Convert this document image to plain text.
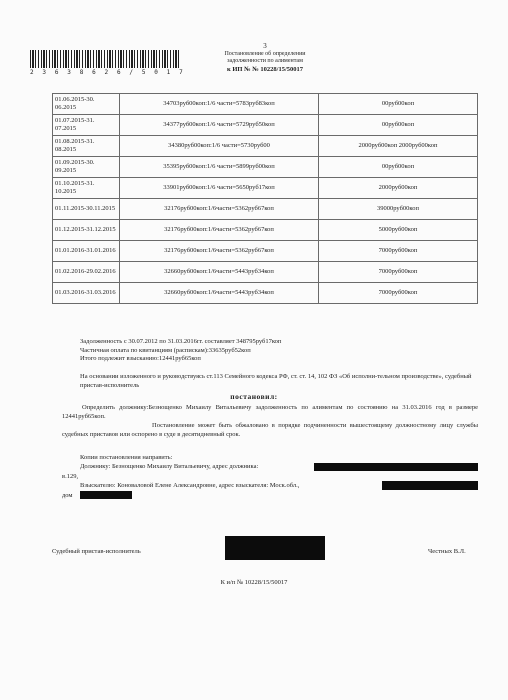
2 3 6 3 8 6 2 6 / 5 0 1 7
3
Постановление об определении
задолженности по алиментам
к ИП № № 10228/15/50017
01.06.2015-30. 06.2015	34703руб00коп:1/6 части=5783руб83коп	00руб00коп
01.07.2015-31. 07.2015	34377руб00коп:1/6 части=5729руб50коп	00руб00коп
01.08.2015-31. 08.2015	34380руб00коп:1/6 части=5730руб00	2000руб00коп 2000руб00коп
01.09.2015-30. 09.2015	35395руб00коп:1/6 части=5899руб00коп	00руб00коп
01.10.2015-31. 10.2015	33901руб00коп:1/6 части=5650руб17коп	2000руб00коп
01.11.2015-30.11.2015	32176руб00коп:1/6части=5362руб67коп	39000руб00коп
01.12.2015-31.12.2015	32176руб00коп:1/6части=5362руб67коп	5000руб00коп
01.01.2016-31.01.2016	32176руб00коп:1/6части=5362руб67коп	7000руб00коп
01.02.2016-29.02.2016	32660руб00коп:1/6части=5443руб34коп	7000руб00коп
01.03.2016-31.03.2016	32660руб00коп:1/6части=5443руб34коп	7000руб00коп
Задолженность с 30.07.2012 по 31.03.2016гг. составляет 348795руб17коп
Частичная оплата по квитанциям (распискам):33635руб52коп
Итого подлежит взысканию:12441руб65коп
На основании изложенного и руководствуясь ст.113 Семейного кодекса РФ, ст. ст. 14, 102 ФЗ «Об исполни-тельном производстве», судебный пристав-исполнитель
постановил:
Определить должнику:Безнощенко Михаилу Витальевичу задолженность по алиментам по состоянию на 31.03.2016 год в размере 12441руб65коп.
Постановление может быть обжаловано в порядке подчиненности вышестоящему должностному лицу службы судебных приставов или оспорено в суде в десятидневный срок.
Копии постановления направить:
Должнику: Безнощенко Михаилу Витальевичу, адрес должника:
в.129,
Взыскателю: Коноваловой Елене Александровне, адрес взыскателя: Моск.обл.,
дом
Судебный пристав-исполнитель	Честных В.Л.
К и/п № 10228/15/50017
